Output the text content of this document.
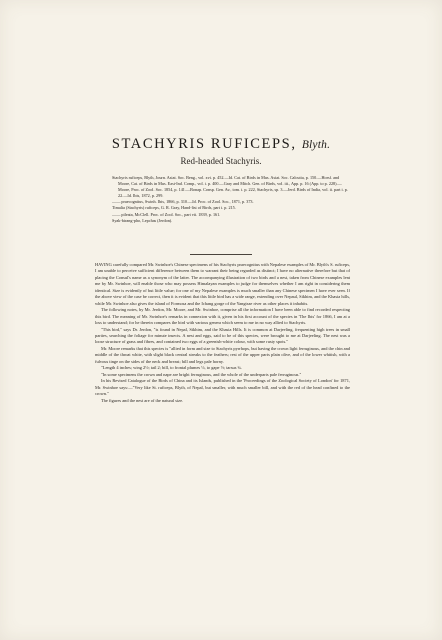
STACHYRIS RUFICEPS, Blyth.
Red-headed Stachyris.

Stachyris ruficeps, Blyth, Journ. Asiat. Soc. Beng., vol. xvi. p. 452.—Id. Cat. of Birds in Mus. Asiat. Soc. Calcutta, p. 150.—Horsf. and Moore, Cat. of Birds in Mus. East-Ind. Comp., vol. i. p. 400.—Gray and Mitch. Gen. of Birds, vol. iii., App. p. 16 (App. to p. 228).—Moore, Proc. of Zool. Soc. 1854, p. 141.—Bonap. Consp. Gen. Av., tom. i. p. 222, Stachyris, sp. 3.—Jerd. Birds of India, vol. ii. part i. p. 22.—Id. Ibis, 1872, p. 299.

—— praecognitus, Swinh. Ibis, 1866, p. 310.—Id. Proc. of Zool. Soc., 1871, p. 373.

Timalia (Stachyris) ruficeps, G. R. Gray, Hand-list of Birds, part i. p. 215.

—— pileata, McClell. Proc. of Zool. Soc., part vii. 1839, p. 161.

Syak-birang-pho, Lepchas (Jerdon).

HAVING carefully compared Mr. Swinhoe's Chinese specimens of his Stachyris praecognitus with Nepalese examples of Mr. Blyth's S. ruficeps, I am unable to perceive sufficient difference between them to warrant their being regarded as distinct; I have no alternative therefore but that of placing the Consul's name as a synonym of the latter. The accompanying illustration of two birds and a nest, taken from Chinese examples lent me by Mr. Swinhoe, will enable those who may possess Himalayan examples to judge for themselves whether I am right in considering them identical. Size is evidently of but little value; for one of my Nepalese examples is much smaller than any Chinese specimen I have ever seen. If the above view of the case be correct, then it is evident that this little bird has a wide range, extending over Nepaul, Sikhim, and the Khasia hills, while Mr. Swinhoe also gives the island of Formosa and the Ichang gorge of the Yangtsze river as other places it inhabits.

The following notes, by Mr. Jerdon, Mr. Moore, and Mr. Swinhoe, comprise all the information I have been able to find recorded respecting this bird. The meaning of Mr. Swinhoe's remarks in connexion with it, given in his first account of the species in 'The Ibis' for 1866, I am at a loss to understand; for he therein compares the bird with various genera which seem to me in no way allied to Stachyris.

"This bird," says Dr. Jerdon, "is found in Nepal, Sikhim, and the Khasia Hills. It is common at Darjeeling, frequenting high trees in small parties, searching the foliage for minute insects. A nest and eggs, said to be of this species, were brought to me at Darjeeling. The nest was a loose structure of grass and fibres, and contained two eggs of a greenish-white colour, with some rusty spots."

Mr. Moore remarks that this species is "allied in form and size to Stachyris pyrrhops, but having the crown light ferruginous, and the chin and middle of the throat white, with slight black central streaks to the feathers; rest of the upper parts plain olive, and of the lower whitish, with a fulvous tinge on the sides of the neck and breast; bill and legs pale horny.

"Length 4 inches; wing 2½; tail 2; bill, to frontal plumes ⅓, to gape ½; tarsus ¾.

"In some specimens the crown and nape are bright ferruginous, and the whole of the underparts pale ferruginous."

In his Revised Catalogue of the Birds of China and its Islands, published in the 'Proceedings of the Zoological Society of London' for 1871, Mr. Swinhoe says:—"Very like St. ruficeps, Blyth, of Nepal, but smaller, with much smaller bill, and with the red of the head confined to the crown."

The figures and the nest are of the natural size.
